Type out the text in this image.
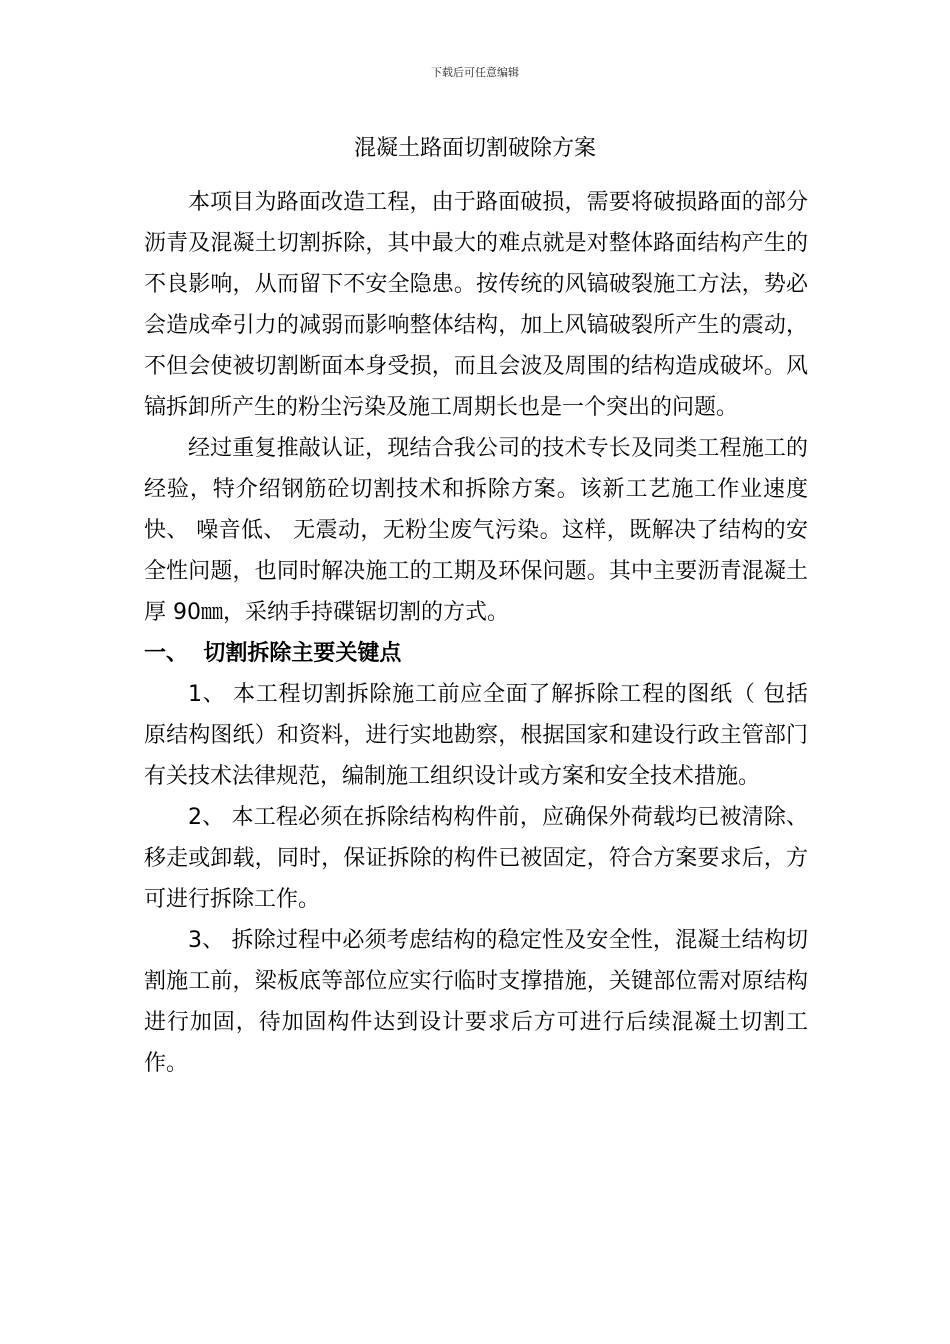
下载后可任意编辑
混凝土路面切割破除方案

本项目为路面改造工程，由于路面破损，需要将破损路面的部分沥青及混凝土切割拆除，其中最大的难点就是对整体路面结构产生的不良影响，从而留下不安全隐患。按传统的风镐破裂施工方法，势必会造成牵引力的减弱而影响整体结构，加上风镐破裂所产生的震动，不但会使被切割断面本身受损，而且会波及周围的结构造成破坏。风镐拆卸所产生的粉尘污染及施工周期长也是一个突出的问题。

经过重复推敲认证，现结合我公司的技术专长及同类工程施工的经验，特介绍钢筋砼切割技术和拆除方案。该新工艺施工作业速度快、 噪音低、 无震动，无粉尘废气污染。这样，既解决了结构的安全性问题，也同时解决施工的工期及环保问题。其中主要沥青混凝土厚 90㎜，采纳手持碟锯切割的方式。

一、  切割拆除主要关键点

1、 本工程切割拆除施工前应全面了解拆除工程的图纸（ 包括原结构图纸）和资料，进行实地勘察，根据国家和建设行政主管部门有关技术法律规范，编制施工组织设计或方案和安全技术措施。

2、 本工程必须在拆除结构构件前，应确保外荷载均已被清除、 移走或卸载，同时，保证拆除的构件已被固定，符合方案要求后，方可进行拆除工作。

3、 拆除过程中必须考虑结构的稳定性及安全性，混凝土结构切割施工前，梁板底等部位应实行临时支撑措施，关键部位需对原结构进行加固，待加固构件达到设计要求后方可进行后续混凝土切割工作。
